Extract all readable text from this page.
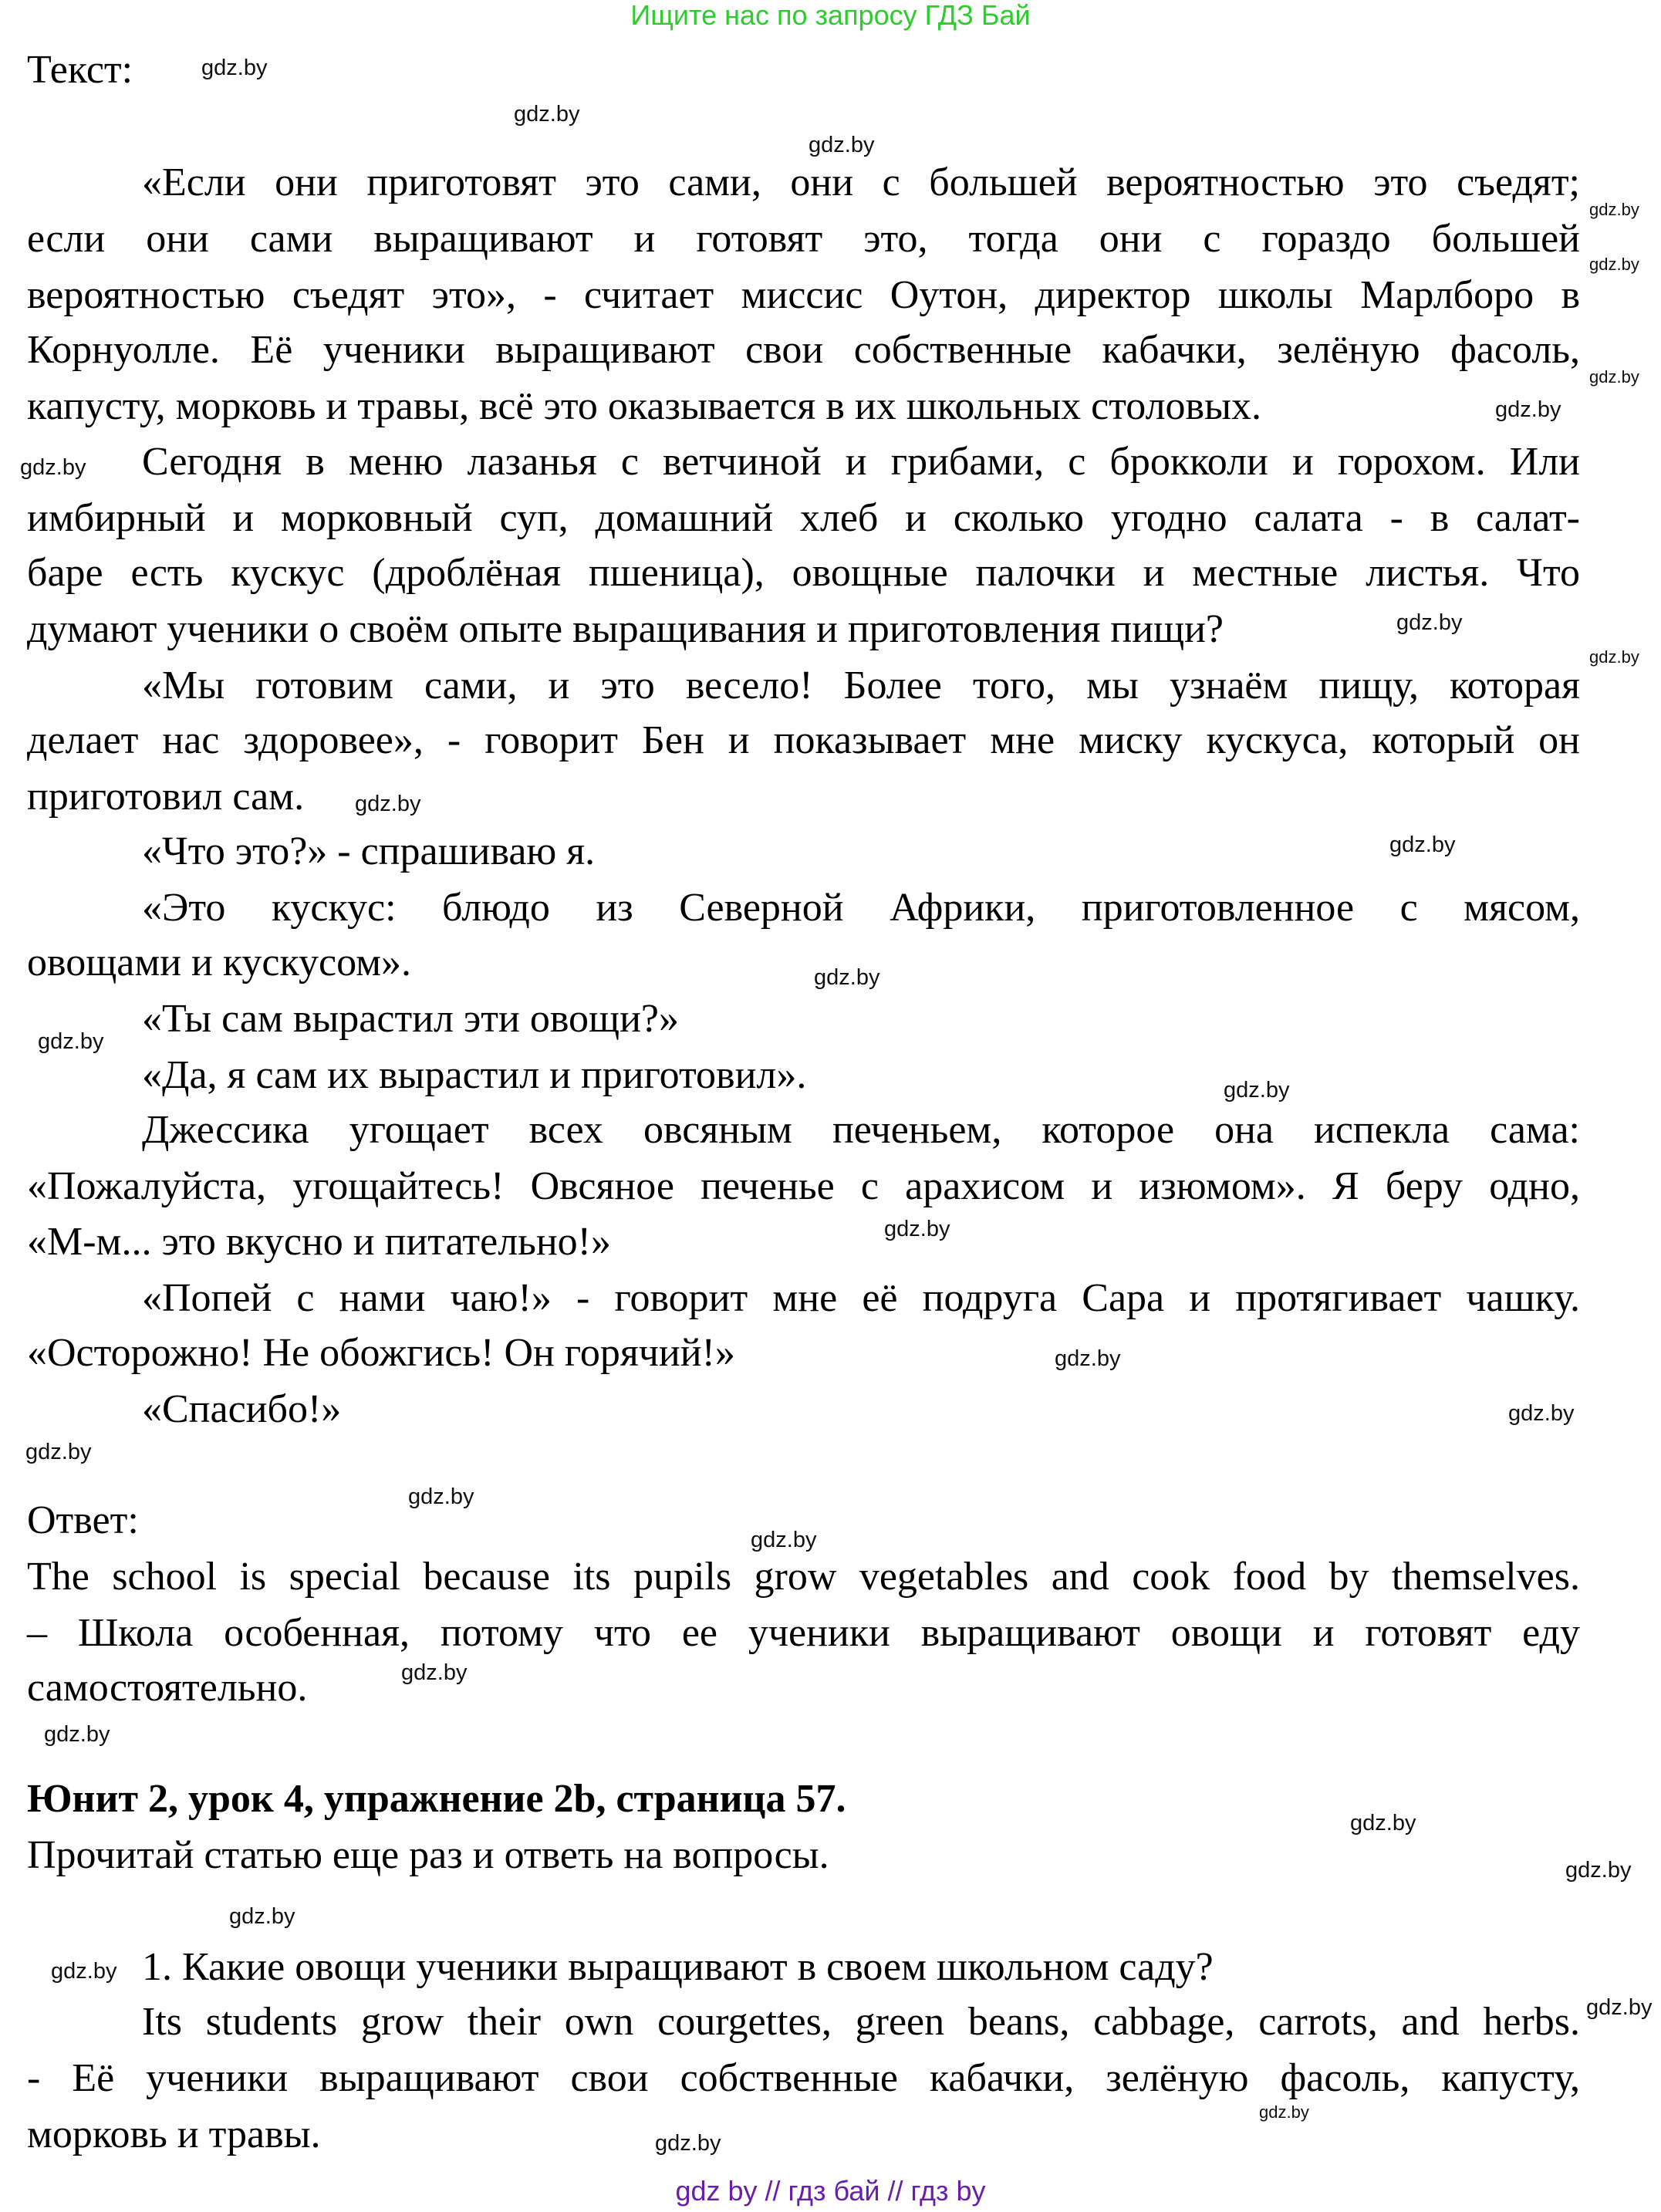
Ищите нас по запросу ГДЗ Бай
Текст:
«Если они приготовят это сами, они с большей вероятностью это съедят;
если они сами выращивают и готовят это, тогда они с гораздо большей
вероятностью съедят это», - считает миссис Оутон, директор школы Марлборо в
Корнуолле. Её ученики выращивают свои собственные кабачки, зелёную фасоль,
капусту, морковь и травы, всё это оказывается в их школьных столовых.
Сегодня в меню лазанья с ветчиной и грибами, с брокколи и горохом. Или
имбирный и морковный суп, домашний хлеб и сколько угодно салата - в салат-
баре есть кускус (дроблёная пшеница), овощные палочки и местные листья. Что
думают ученики о своём опыте выращивания и приготовления пищи?
«Мы готовим сами, и это весело! Более того, мы узнаём пищу, которая
делает нас здоровее», - говорит Бен и показывает мне миску кускуса, который он
приготовил сам.
«Что это?» - спрашиваю я.
«Это кускус: блюдо из Северной Африки, приготовленное с мясом,
овощами и кускусом».
«Ты сам вырастил эти овощи?»
«Да, я сам их вырастил и приготовил».
Джессика угощает всех овсяным печеньем, которое она испекла сама:
«Пожалуйста, угощайтесь! Овсяное печенье с арахисом и изюмом». Я беру одно,
«М-м... это вкусно и питательно!»
«Попей с нами чаю!» - говорит мне её подруга Сара и протягивает чашку.
«Осторожно! Не обожгись! Он горячий!»
«Спасибо!»
Ответ:
The school is special because its pupils grow vegetables and cook food by themselves.
– Школа особенная, потому что ее ученики выращивают овощи и готовят еду
самостоятельно.
Юнит 2, урок 4, упражнение 2b, страница 57.
Прочитай статью еще раз и ответь на вопросы.
1. Какие овощи ученики выращивают в своем школьном саду?
Its students grow their own courgettes, green beans, cabbage, carrots, and herbs.
- Её ученики выращивают свои собственные кабачки, зелёную фасоль, капусту,
морковь и травы.
gdz by // гдз бай // гдз by
gdz.by
gdz.by
gdz.by
gdz.by
gdz.by
gdz.by
gdz.by
gdz.by
gdz.by
gdz.by
gdz.by
gdz.by
gdz.by
gdz.by
gdz.by
gdz.by
gdz.by
gdz.by
gdz.by
gdz.by
gdz.by
gdz.by
gdz.by
gdz.by
gdz.by
gdz.by
gdz.by
gdz.by
gdz.by
gdz.by
